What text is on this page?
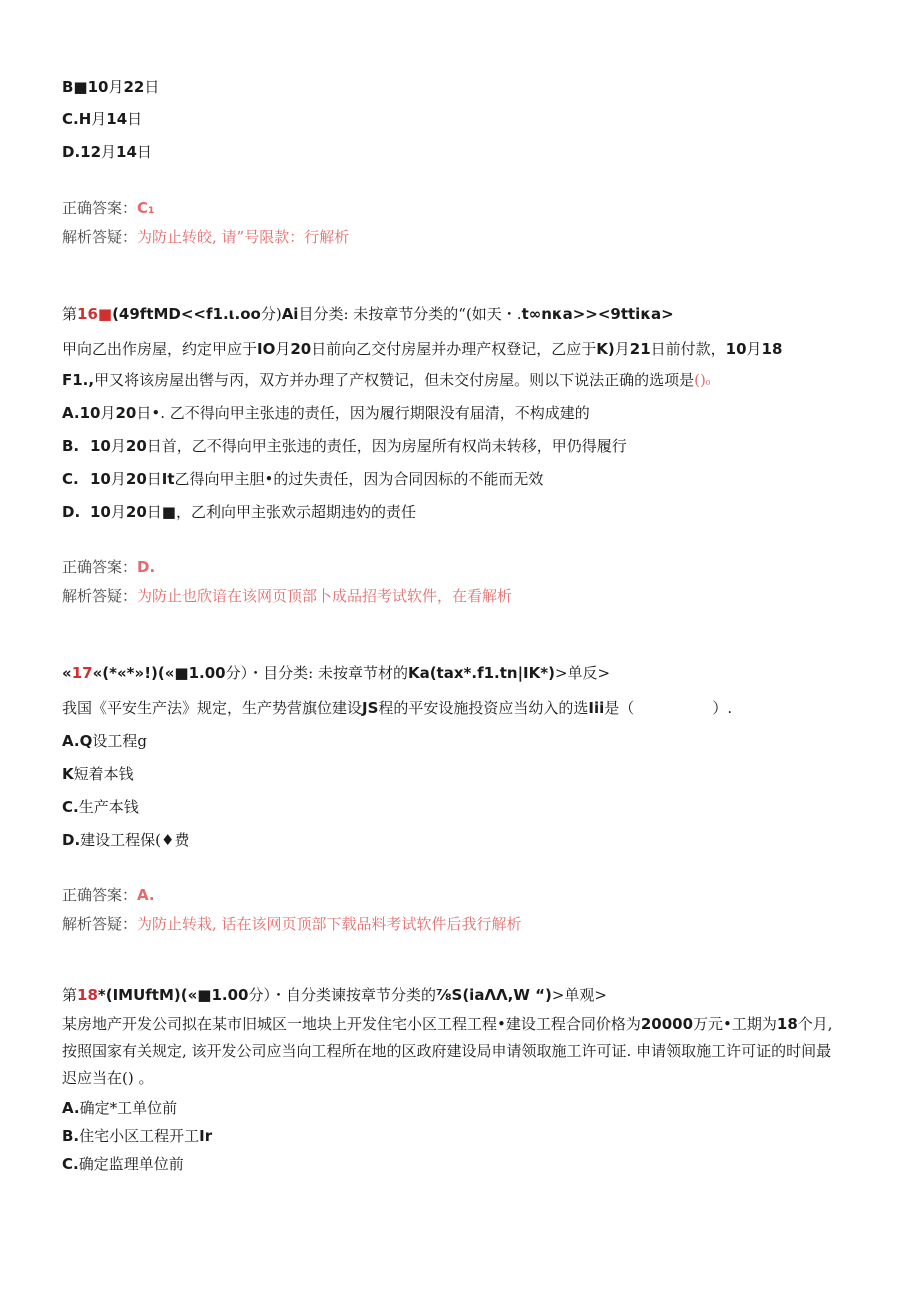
B■10月22日
C.H月14日
D.12月14日
正确答案：C₁
解析答疑：为防止转皎, 请”号限款：行解析
第16■(49ftMD<<f1.ι.oo分)Ai目分类: 未按章节分类的“(如天・.t∞nκa>><9ttiκa>
甲向乙出作房屋，约定甲应于IO月20日前向乙交付房屋并办理产权登记，乙应于K)月21日前付款，10月18
F1.,甲又将该房屋出辔与丙，双方并办理了产权赞记，但未交付房屋。则以下说法正确的选项是()₀
A.10月20日•. 乙不得向甲主张违的责任，因为履行期限没有届清，不构成建的
B. 10月20日首，乙不得向甲主张违的责任，因为房屋所有权尚未转移，甲仍得履行
C. 10月20日It乙得向甲主胆•的过失责任，因为合同因标的不能而无效
D. 10月20日■，乙利向甲主张欢示超期违妁的责任
正确答案：D.
解析答疑：为防止也欣谙在该网页顶部卜成品招考试软件，在看解析
«17«(*«*»!)(«■1.00分）・目分类: 未按章节材的Ka(tax*.f1.tn|IK*)>单反>
我国《平安生产法》规定，生产势营旗位建设JS程的平安设施投资应当幼入的选Iii是（	）.
A.Q设工程g
K短着本钱
C.生产本钱
D.建设工程保(♦费
正确答案：A.
解析答疑：为防止转栽, 话在该网页顶部下载品料考试软件后我行解析
第18*(IMUftM)(«■1.00分）・自分类谏按章节分类的⅞S(iaΛΛ,W “)>单观>
某房地产开发公司拟在某市旧城区一地块上开发住宅小区工程工程•建设工程合同价格为20000万元•工期为18个月,
按照国家有关规定, 该开发公司应当向工程所在地的区政府建设局申请领取施工许可证. 申请领取施工许可证的时间最
迟应当在() 。
A.确定*工单位前
B.住宅小区工程开工Ir
C.确定监理单位前
